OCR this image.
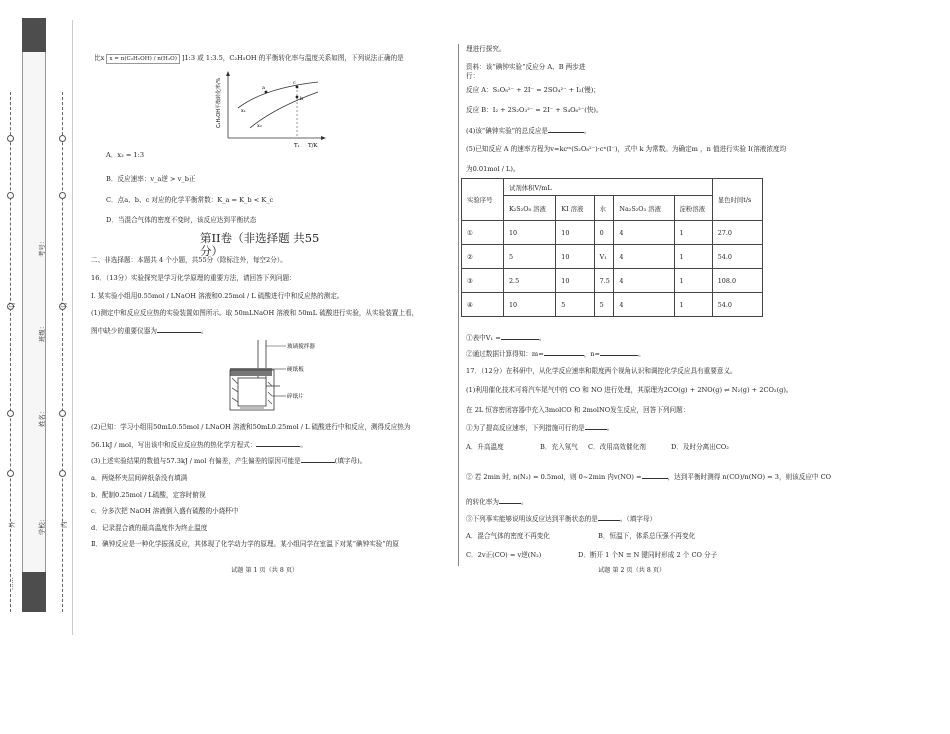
学校：
姓名：
班级：
考号：
外
订
内
订
……
比x x = n(C₂H₅OH) / n(H₂O) ]1:3 或 1:3.5，C₂H₅OH 的平衡转化率与温度关系如图，下列说法正确的是
C₂H₅OH平衡转化率/%
T/K
T₁
x₁
x₂
a
b
c
A．x₂ = 1:3
B．反应速率：v_a逆 > v_b正
C．点a、b、c 对应的化学平衡常数：K_a = K_b < K_c
D．当混合气体的密度不变时，该反应达到平衡状态
第II卷（非选择题 共55
分）
二、非选择题：本题共 4 个小题，共55分（除标注外，每空2分）。
16．（13分）实验探究是学习化学原理的重要方法，请回答下列问题：
Ⅰ. 某实验小组用0.55mol / LNaOH 溶液和0.25mol / L 硫酸进行中和反应热的测定。
(1)测定中和反应反应热的实验装置如图所示。取 50mLNaOH 溶液和 50mL 硫酸进行实验，从实验装置上看，
图中缺少的重要仪器为	。
玻璃搅拌器
硬纸板
碎纸片
(2)已知：学习小组用50mL0.55mol / LNaOH 溶液和50mL0.25mol / L 硫酸进行中和反应，测得反应热为
56.1kJ / mol，写出该中和反应反应热的热化学方程式：	。
(3)上述实验结果的数值与57.3kJ / mol 有偏差，产生偏差的原因可能是	(填字母)。
a．两烧杯夹层间碎纸条没有填满
b．配制0.25mol / L硫酸，定容时俯视
c．分多次把 NaOH 溶液倒入盛有硫酸的小烧杯中
d．记录混合液的最高温度作为终止温度
Ⅱ．碘钟反应是一种化学振荡反应，其体现了化学动力学的原理。某小组同学在室温下对某“碘钟实验”的原
试题 第 1 页（共 8 页）
理进行探究。
资料：该“碘钟实验”反应分 A、B 两步进
行：
反应 A：S₂O₈²⁻ + 2I⁻ = 2SO₄²⁻ + I₂(慢)；
反应 B：I₂ + 2S₂O₃²⁻ = 2I⁻ + S₄O₆²⁻(快)。
(4)该“碘钟实验”的总反应是	。
(5)已知反应 A 的速率方程为v=kcᵐ(S₂O₈²⁻)·cⁿ(I⁻)，式中 k 为常数。为确定m ，n 值进行实验 I(溶液浓度均
为0.01mol / L)。
实验序号	试剂体积V/mL					显色时间t/s
	K₂S₂O₈ 溶液	KI 溶液	水	Na₂S₂O₃ 溶液	淀粉溶液	
①	10	10	0	4	1	27.0
②	5	10	V₁	4	1	54.0
③	2.5	10	7.5	4	1	108.0
④	10	5	5	4	1	54.0
①表中V₁ =	。
②通过数据计算得知：m=	，n=	。
17．（12分）在科研中，从化学反应速率和限度两个视角认识和调控化学反应具有重要意义。
(1)利用催化技术可将汽车尾气中的 CO 和 NO 进行处理，其原理为2CO(g) + 2NO(g) ⇌ N₂(g) + 2CO₂(g)。
在 2L 恒容密闭容器中充入3molCO 和 2molNO发生反应，回答下列问题：
①为了提高反应速率，下列措施可行的是	。
A．升高温度	B．充入氖气 C．改用高效催化剂	D．及时分离出CO₂
② 若 2min 时, n(N₂) = 0.5mol，则 0~2min 内v(NO) =	，达到平衡时测得 n(CO)/n(NO) = 3，则该反应中 CO
的转化率为	。
③下列事实能够说明该反应达到平衡状态的是	。（填字母）
A．混合气体的密度不再变化	B．恒温下，体系总压强不再变化
C．2v正(CO) = v逆(N₂)	D．断开 1 个N ≡ N 键同时形成 2 个 CO 分子
试题 第 2 页（共 8 页）
